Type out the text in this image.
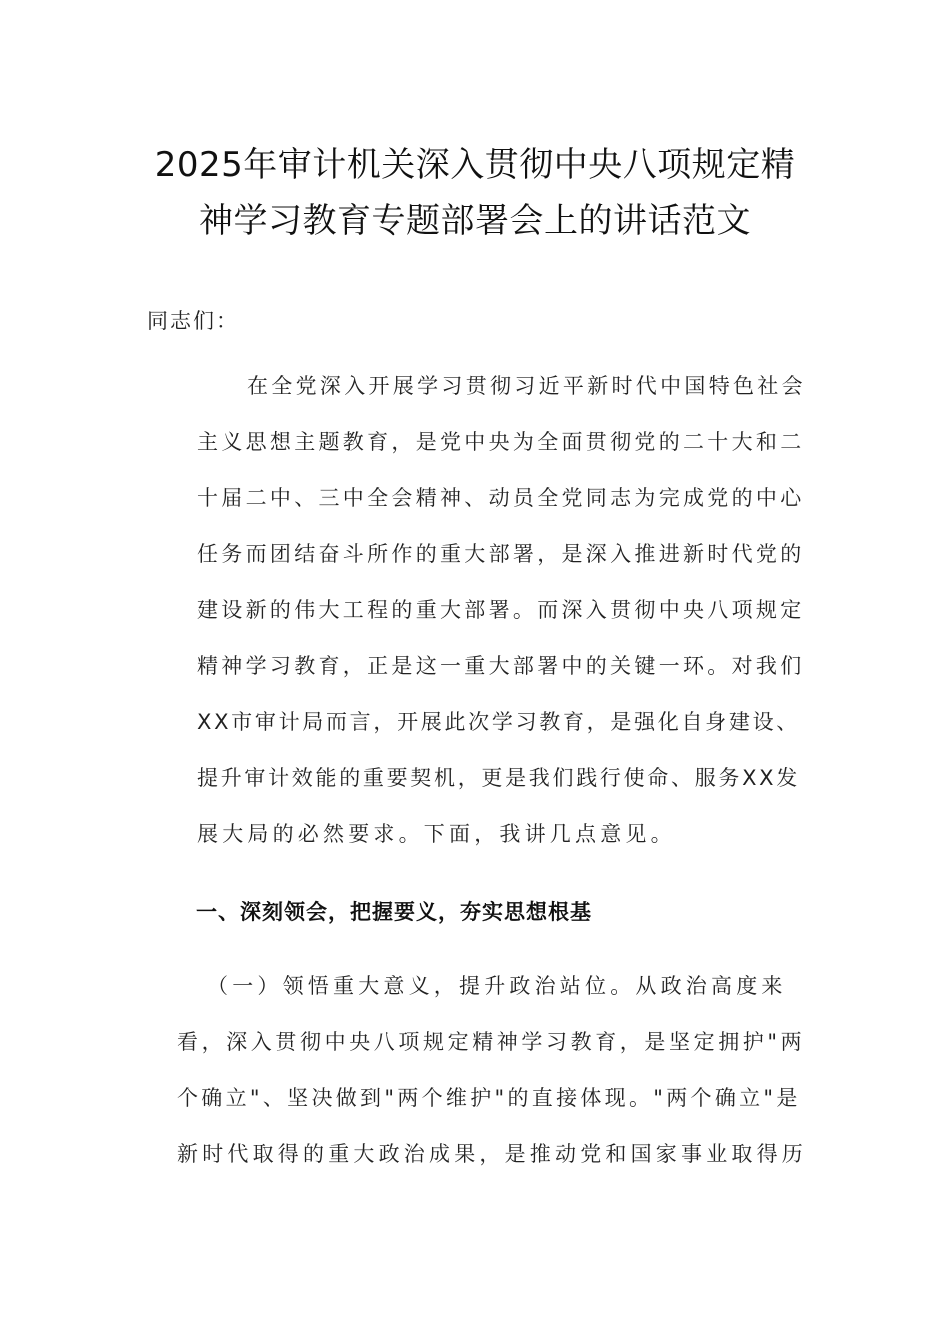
2025年审计机关深入贯彻中央八项规定精
神学习教育专题部署会上的讲话范文
同志们：
在全党深入开展学习贯彻习近平新时代中国特色社会
主义思想主题教育，是党中央为全面贯彻党的二十大和二
十届二中、三中全会精神、动员全党同志为完成党的中心
任务而团结奋斗所作的重大部署，是深入推进新时代党的
建设新的伟大工程的重大部署。而深入贯彻中央八项规定
精神学习教育，正是这一重大部署中的关键一环。对我们
XX市审计局而言，开展此次学习教育，是强化自身建设、
提升审计效能的重要契机，更是我们践行使命、服务XX发
展大局的必然要求。下面，我讲几点意见。
一、深刻领会，把握要义，夯实思想根基
（一）领悟重大意义，提升政治站位。从政治高度来
看，深入贯彻中央八项规定精神学习教育，是坚定拥护"两
个确立"、坚决做到"两个维护"的直接体现。"两个确立"是
新时代取得的重大政治成果，是推动党和国家事业取得历
